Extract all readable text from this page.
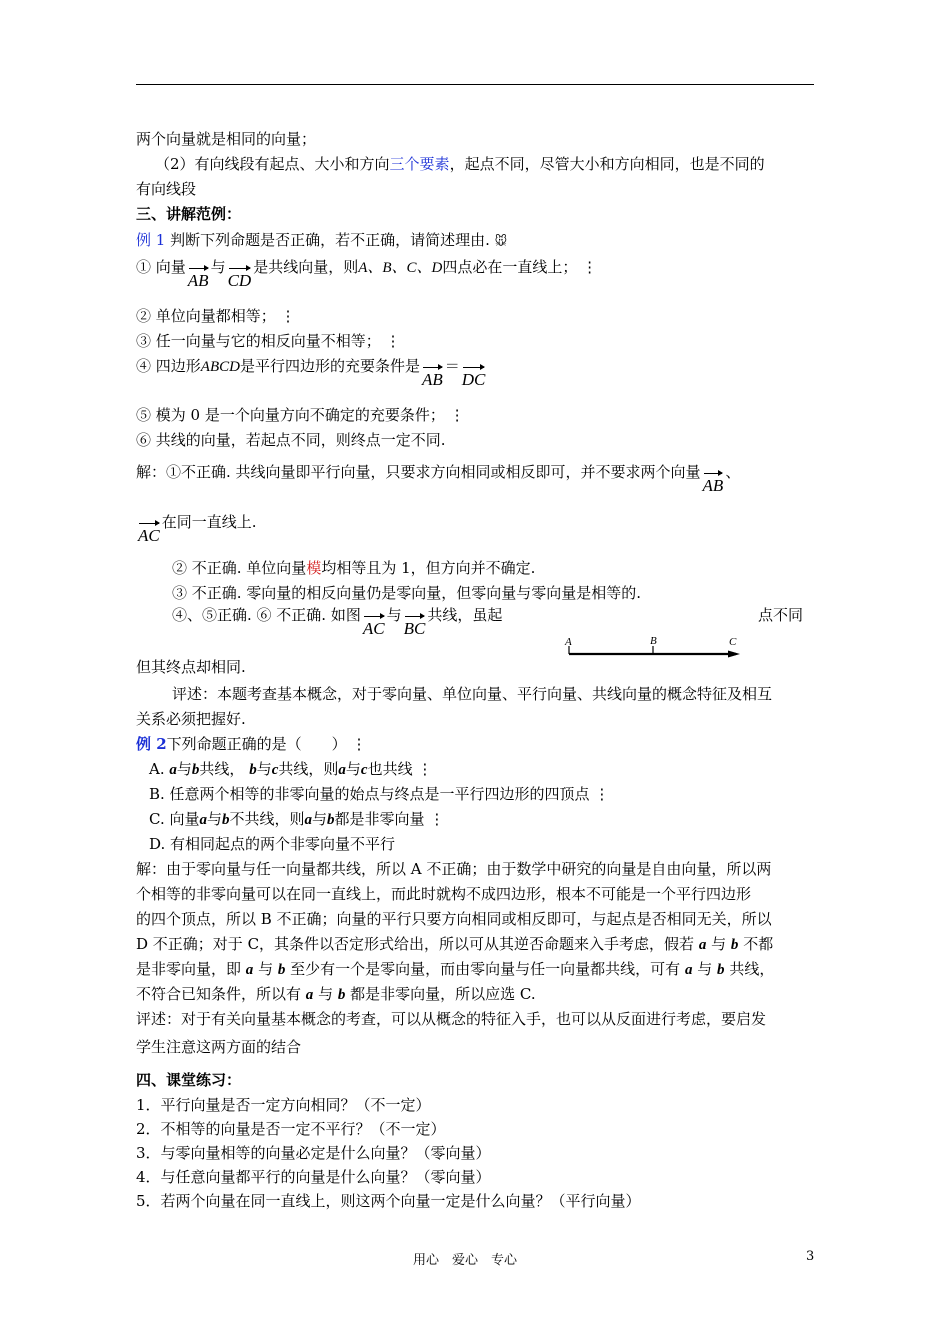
两个向量就是相同的向量；
（2）有向线段有起点、大小和方向三个要素，起点不同，尽管大小和方向相同，也是不同的
有向线段
三、讲解范例：
例 1 判断下列命题是否正确，若不正确，请简述理由. 🐭︎
① 向量AB与CD是共线向量，则A、B、C、D四点必在一直线上； ⋮
② 单位向量都相等； ⋮
③ 任一向量与它的相反向量不相等； ⋮
④ 四边形ABCD是平行四边形的充要条件是AB＝DC
⑤ 模为 0 是一个向量方向不确定的充要条件； ⋮
⑥ 共线的向量，若起点不同，则终点一定不同.
解：①不正确. 共线向量即平行向量，只要求方向相同或相反即可，并不要求两个向量AB、
AC在同一直线上.
② 不正确. 单位向量模均相等且为 1，但方向并不确定.
③ 不正确. 零向量的相反向量仍是零向量，但零向量与零向量是相等的.
④、⑤正确. ⑥ 不正确. 如图AC与BC共线，虽起	点不同
A	B	C
但其终点却相同.
评述：本题考查基本概念，对于零向量、单位向量、平行向量、共线向量的概念特征及相互
关系必须把握好.
例 2下列命题正确的是（　　） ⋮
A. a与b共线， b与c共线，则a与c也共线 ⋮
B. 任意两个相等的非零向量的始点与终点是一平行四边形的四顶点 ⋮
C. 向量a与b不共线，则a与b都是非零向量 ⋮
D. 有相同起点的两个非零向量不平行
解：由于零向量与任一向量都共线，所以 A 不正确；由于数学中研究的向量是自由向量，所以两
个相等的非零向量可以在同一直线上，而此时就构不成四边形，根本不可能是一个平行四边形
的四个顶点，所以 B 不正确；向量的平行只要方向相同或相反即可，与起点是否相同无关，所以
D 不正确；对于 C，其条件以否定形式给出，所以可从其逆否命题来入手考虑，假若 a 与 b 不都
是非零向量，即 a 与 b 至少有一个是零向量，而由零向量与任一向量都共线，可有 a 与 b 共线，
不符合已知条件，所以有 a 与 b 都是非零向量，所以应选 C.
评述：对于有关向量基本概念的考查，可以从概念的特征入手，也可以从反面进行考虑，要启发
学生注意这两方面的结合
四、课堂练习：
1．平行向量是否一定方向相同？（不一定）
2．不相等的向量是否一定不平行？（不一定）
3．与零向量相等的向量必定是什么向量？（零向量）
4．与任意向量都平行的向量是什么向量？（零向量）
5．若两个向量在同一直线上，则这两个向量一定是什么向量？（平行向量）
用心　爱心　专心	3
